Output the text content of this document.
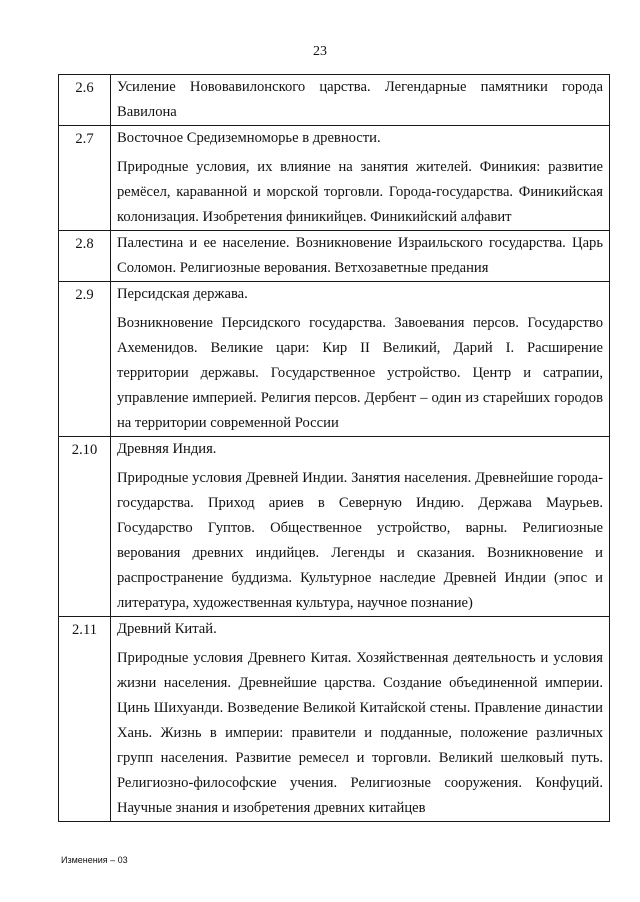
23
2.6	Усиление Нововавилонского царства. Легендарные памятники города Вавилона

2.7	Восточное Средиземноморье в древности.

Природные условия, их влияние на занятия жителей. Финикия: развитие ремёсел, караванной и морской торговли. Города-государства. Финикийская колонизация. Изобретения финикийцев. Финикийский алфавит

2.8	Палестина и ее население. Возникновение Израильского государства. Царь Соломон. Религиозные верования. Ветхозаветные предания

2.9	Персидская держава.

Возникновение Персидского государства. Завоевания персов. Государство Ахеменидов. Великие цари: Кир II Великий, Дарий I. Расширение территории державы. Государственное устройство. Центр и сатрапии, управление империей. Религия персов. Дербент – один из старейших городов на территории современной России

2.10	Древняя Индия.

Природные условия Древней Индии. Занятия населения. Древнейшие города-государства. Приход ариев в Северную Индию. Держава Маурьев. Государство Гуптов. Общественное устройство, варны. Религиозные верования древних индийцев. Легенды и сказания. Возникновение и распространение буддизма. Культурное наследие Древней Индии (эпос и литература, художественная культура, научное познание)

2.11	Древний Китай.

Природные условия Древнего Китая. Хозяйственная деятельность и условия жизни населения. Древнейшие царства. Создание объединенной империи. Цинь Шихуанди. Возведение Великой Китайской стены. Правление династии Хань. Жизнь в империи: правители и подданные, положение различных групп населения. Развитие ремесел и торговли. Великий шелковый путь. Религиозно-философские учения. Религиозные сооружения. Конфуций. Научные знания и изобретения древних китайцев

Изменения – 03
